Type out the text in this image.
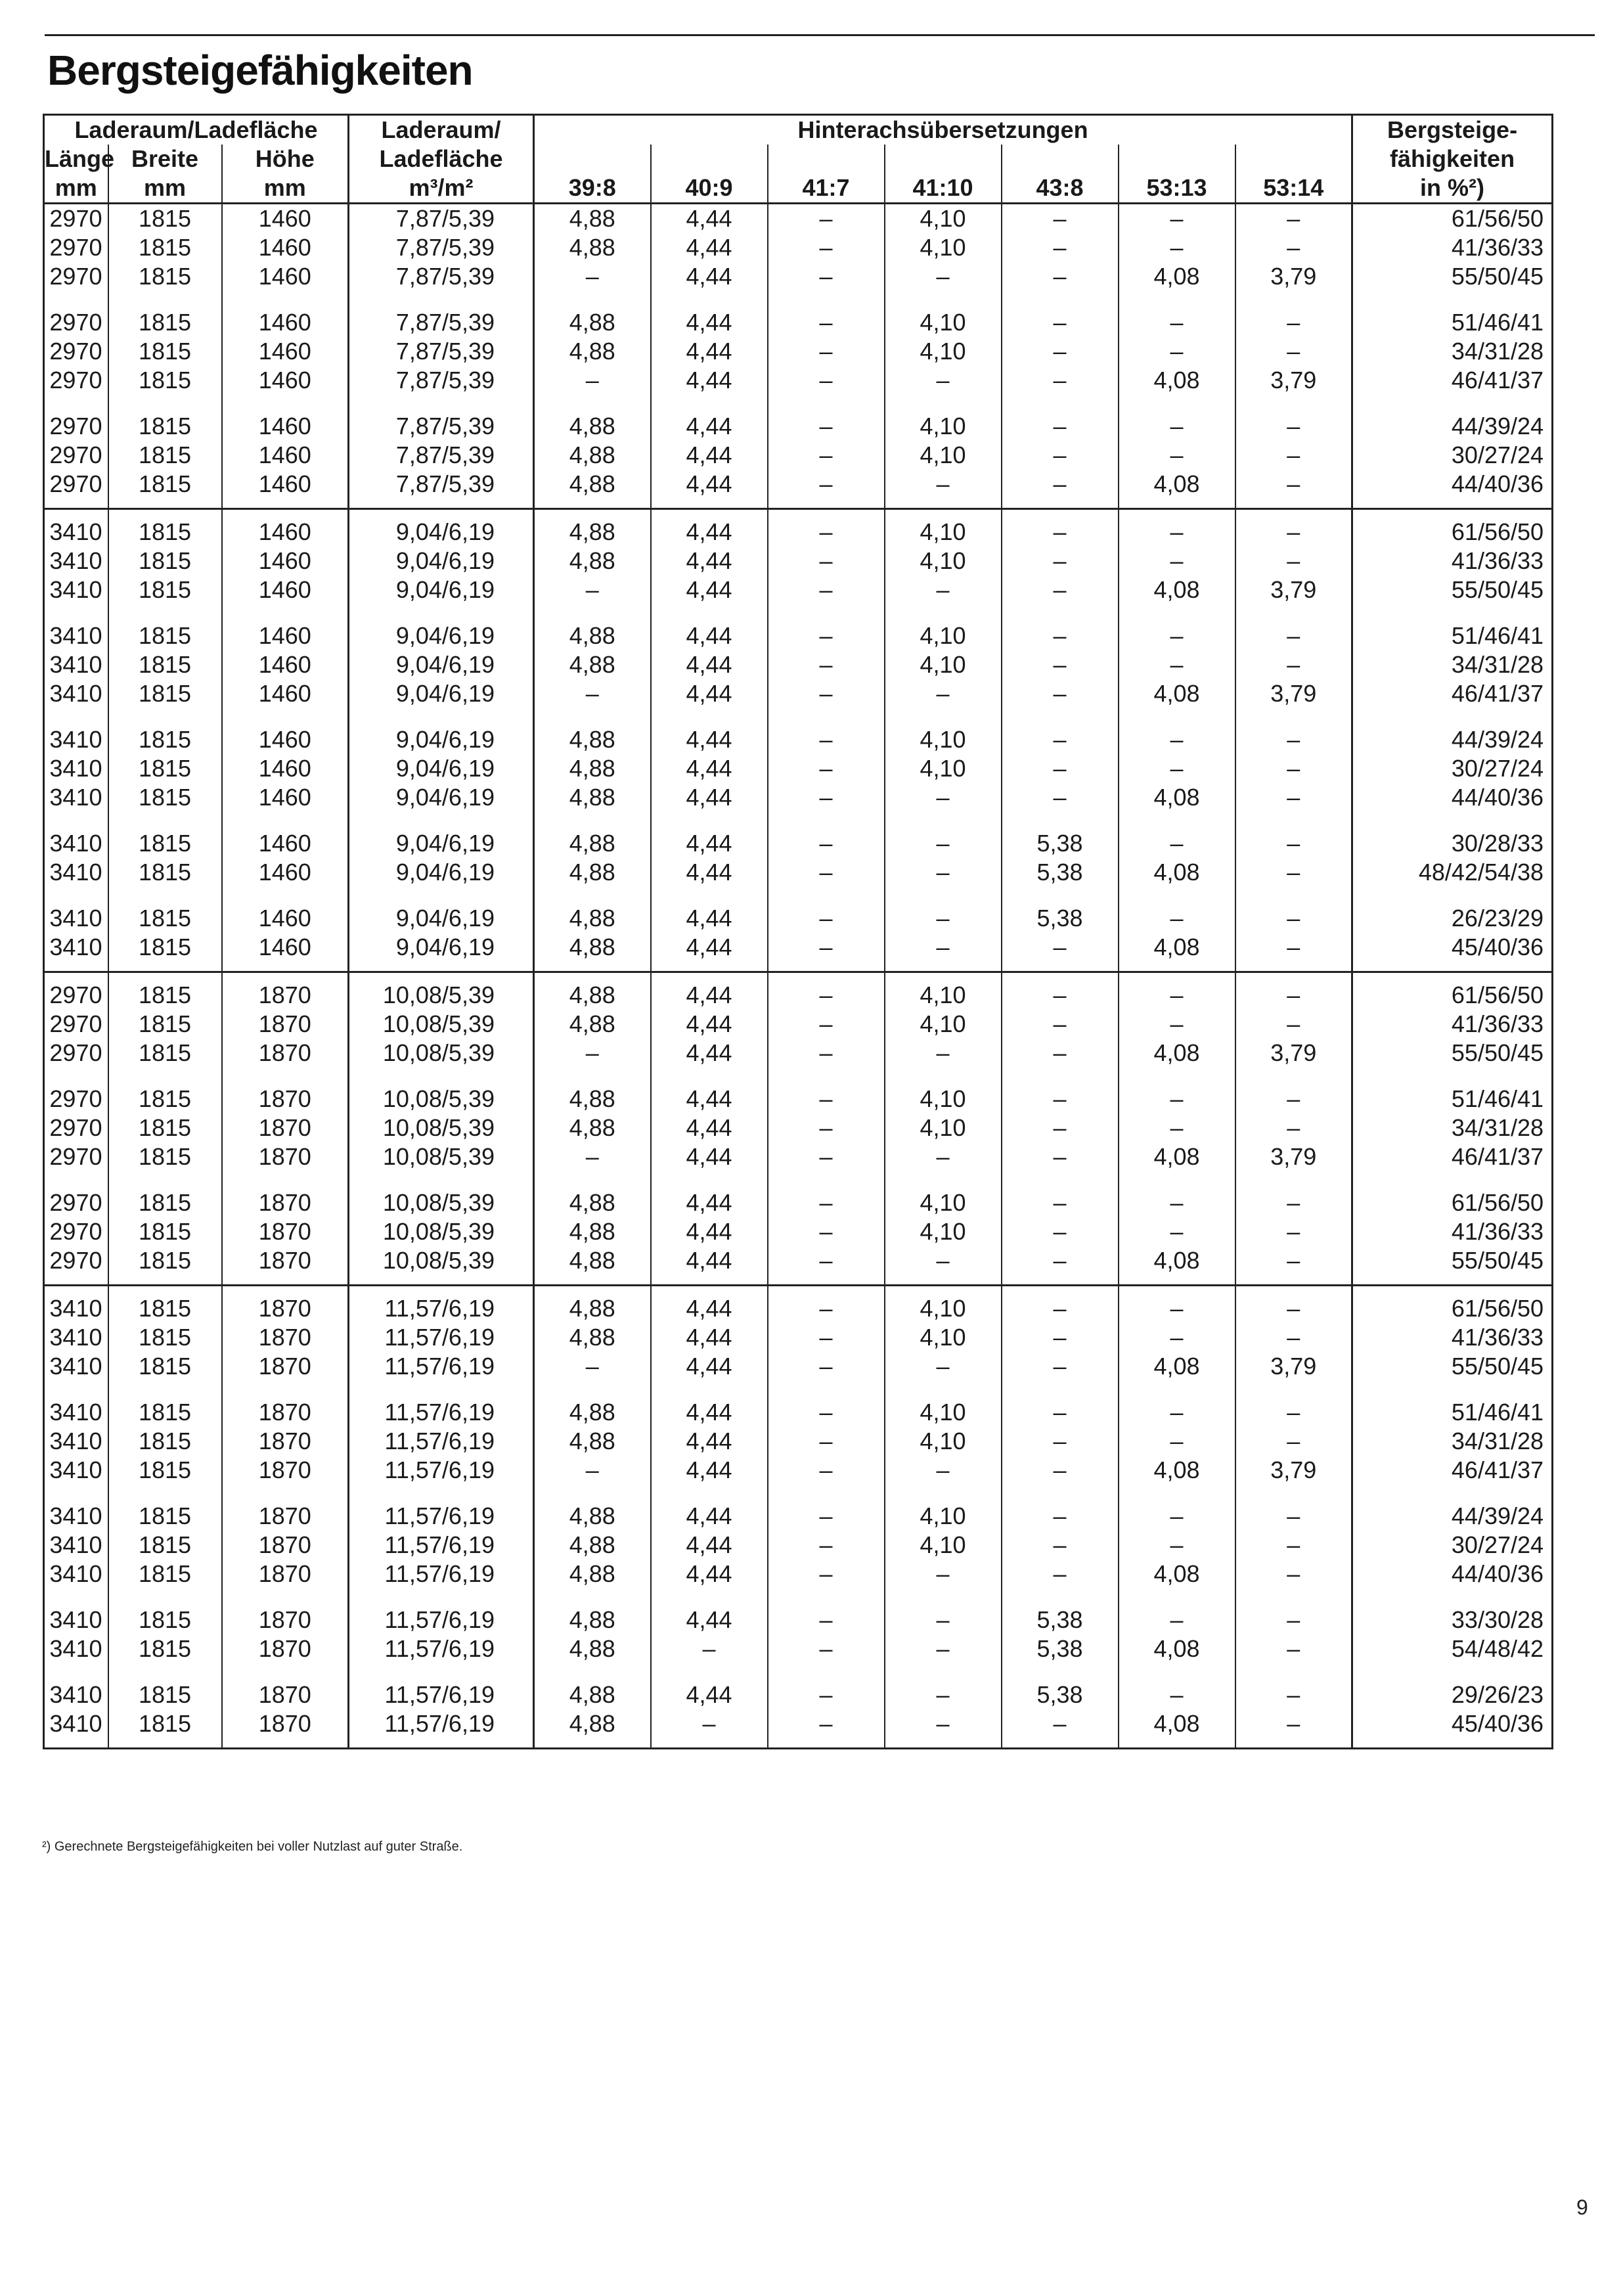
Bergsteigefähigkeiten
Laderaum/Ladefläche			Laderaum/	Hinterachsübersetzungen							Bergsteige-
Länge	Breite	Höhe	Ladefläche								fähigkeiten
mm	mm	mm	m³/m²	39:8	40:9	41:7	41:10	43:8	53:13	53:14	in %²)
2970	1815	1460	7,87/5,39	4,88	4,44	–	4,10	–	–	–	61/56/50
2970	1815	1460	7,87/5,39	4,88	4,44	–	4,10	–	–	–	41/36/33
2970	1815	1460	7,87/5,39	–	4,44	–	–	–	4,08	3,79	55/50/45
2970	1815	1460	7,87/5,39	4,88	4,44	–	4,10	–	–	–	51/46/41
2970	1815	1460	7,87/5,39	4,88	4,44	–	4,10	–	–	–	34/31/28
2970	1815	1460	7,87/5,39	–	4,44	–	–	–	4,08	3,79	46/41/37
2970	1815	1460	7,87/5,39	4,88	4,44	–	4,10	–	–	–	44/39/24
2970	1815	1460	7,87/5,39	4,88	4,44	–	4,10	–	–	–	30/27/24
2970	1815	1460	7,87/5,39	4,88	4,44	–	–	–	4,08	–	44/40/36
3410	1815	1460	9,04/6,19	4,88	4,44	–	4,10	–	–	–	61/56/50
3410	1815	1460	9,04/6,19	4,88	4,44	–	4,10	–	–	–	41/36/33
3410	1815	1460	9,04/6,19	–	4,44	–	–	–	4,08	3,79	55/50/45
3410	1815	1460	9,04/6,19	4,88	4,44	–	4,10	–	–	–	51/46/41
3410	1815	1460	9,04/6,19	4,88	4,44	–	4,10	–	–	–	34/31/28
3410	1815	1460	9,04/6,19	–	4,44	–	–	–	4,08	3,79	46/41/37
3410	1815	1460	9,04/6,19	4,88	4,44	–	4,10	–	–	–	44/39/24
3410	1815	1460	9,04/6,19	4,88	4,44	–	4,10	–	–	–	30/27/24
3410	1815	1460	9,04/6,19	4,88	4,44	–	–	–	4,08	–	44/40/36
3410	1815	1460	9,04/6,19	4,88	4,44	–	–	5,38	–	–	30/28/33
3410	1815	1460	9,04/6,19	4,88	4,44	–	–	5,38	4,08	–	48/42/54/38
3410	1815	1460	9,04/6,19	4,88	4,44	–	–	5,38	–	–	26/23/29
3410	1815	1460	9,04/6,19	4,88	4,44	–	–	–	4,08	–	45/40/36
2970	1815	1870	10,08/5,39	4,88	4,44	–	4,10	–	–	–	61/56/50
2970	1815	1870	10,08/5,39	4,88	4,44	–	4,10	–	–	–	41/36/33
2970	1815	1870	10,08/5,39	–	4,44	–	–	–	4,08	3,79	55/50/45
2970	1815	1870	10,08/5,39	4,88	4,44	–	4,10	–	–	–	51/46/41
2970	1815	1870	10,08/5,39	4,88	4,44	–	4,10	–	–	–	34/31/28
2970	1815	1870	10,08/5,39	–	4,44	–	–	–	4,08	3,79	46/41/37
2970	1815	1870	10,08/5,39	4,88	4,44	–	4,10	–	–	–	61/56/50
2970	1815	1870	10,08/5,39	4,88	4,44	–	4,10	–	–	–	41/36/33
2970	1815	1870	10,08/5,39	4,88	4,44	–	–	–	4,08	–	55/50/45
3410	1815	1870	11,57/6,19	4,88	4,44	–	4,10	–	–	–	61/56/50
3410	1815	1870	11,57/6,19	4,88	4,44	–	4,10	–	–	–	41/36/33
3410	1815	1870	11,57/6,19	–	4,44	–	–	–	4,08	3,79	55/50/45
3410	1815	1870	11,57/6,19	4,88	4,44	–	4,10	–	–	–	51/46/41
3410	1815	1870	11,57/6,19	4,88	4,44	–	4,10	–	–	–	34/31/28
3410	1815	1870	11,57/6,19	–	4,44	–	–	–	4,08	3,79	46/41/37
3410	1815	1870	11,57/6,19	4,88	4,44	–	4,10	–	–	–	44/39/24
3410	1815	1870	11,57/6,19	4,88	4,44	–	4,10	–	–	–	30/27/24
3410	1815	1870	11,57/6,19	4,88	4,44	–	–	–	4,08	–	44/40/36
3410	1815	1870	11,57/6,19	4,88	4,44	–	–	5,38	–	–	33/30/28
3410	1815	1870	11,57/6,19	4,88	–	–	–	5,38	4,08	–	54/48/42
3410	1815	1870	11,57/6,19	4,88	4,44	–	–	5,38	–	–	29/26/23
3410	1815	1870	11,57/6,19	4,88	–	–	–	–	4,08	–	45/40/36
²) Gerechnete Bergsteigefähigkeiten bei voller Nutzlast auf guter Straße.
9
